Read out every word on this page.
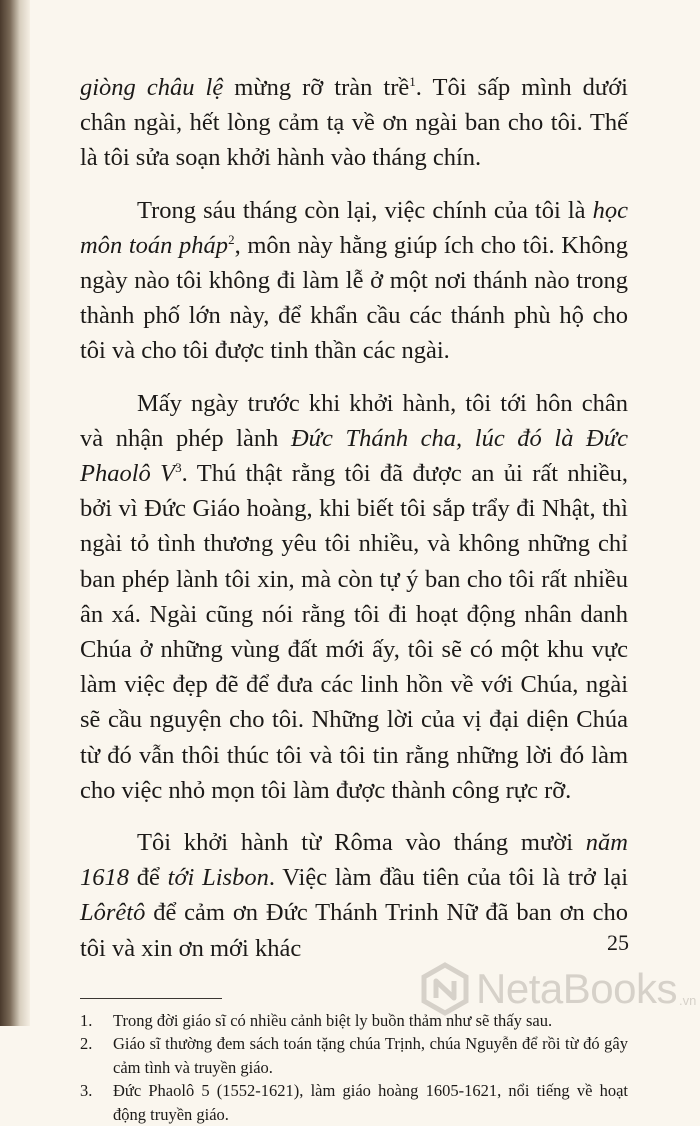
giòng châu lệ mừng rỡ tràn trề$^1$. Tôi sấp mình dưới chân ngài, hết lòng cảm tạ về ơn ngài ban cho tôi. Thế là tôi sửa soạn khởi hành vào tháng chín.

Trong sáu tháng còn lại, việc chính của tôi là học môn toán pháp$^2$, môn này hằng giúp ích cho tôi. Không ngày nào tôi không đi làm lễ ở một nơi thánh nào trong thành phố lớn này, để khẩn cầu các thánh phù hộ cho tôi và cho tôi được tinh thần các ngài.

Mấy ngày trước khi khởi hành, tôi tới hôn chân và nhận phép lành Đức Thánh cha, lúc đó là Đức Phaolô $V^3$. Thú thật rằng tôi đã được an ủi rất nhiều, bởi vì Đức Giáo hoàng, khi biết tôi sắp trẩy đi Nhật, thì ngài tỏ tình thương yêu tôi nhiều, và không những chỉ ban phép lành tôi xin, mà còn tự ý ban cho tôi rất nhiều ân xá. Ngài cũng nói rằng tôi đi hoạt động nhân danh Chúa ở những vùng đất mới ấy, tôi sẽ có một khu vực làm việc đẹp đẽ để đưa các linh hồn về với Chúa, ngài sẽ cầu nguyện cho tôi. Những lời của vị đại diện Chúa từ đó vẫn thôi thúc tôi và tôi tin rằng những lời đó làm cho việc nhỏ mọn tôi làm được thành công rực rỡ.

Tôi khởi hành từ Rôma vào tháng mười năm 1618 để tới Lisbon. Việc làm đầu tiên của tôi là trở lại Lôrêtô để cảm ơn Đức Thánh Trinh Nữ đã ban ơn cho tôi và xin ơn mới khác

1.	Trong đời giáo sĩ có nhiều cảnh biệt ly buồn thảm như sẽ thấy sau.
2.	Giáo sĩ thường đem sách toán tặng chúa Trịnh, chúa Nguyễn để rồi từ đó gây cảm tình và truyền giáo.
3.	Đức Phaolô 5 (1552-1621), làm giáo hoàng 1605-1621, nổi tiếng về hoạt động truyền giáo.
25
NetaBooks .vn
